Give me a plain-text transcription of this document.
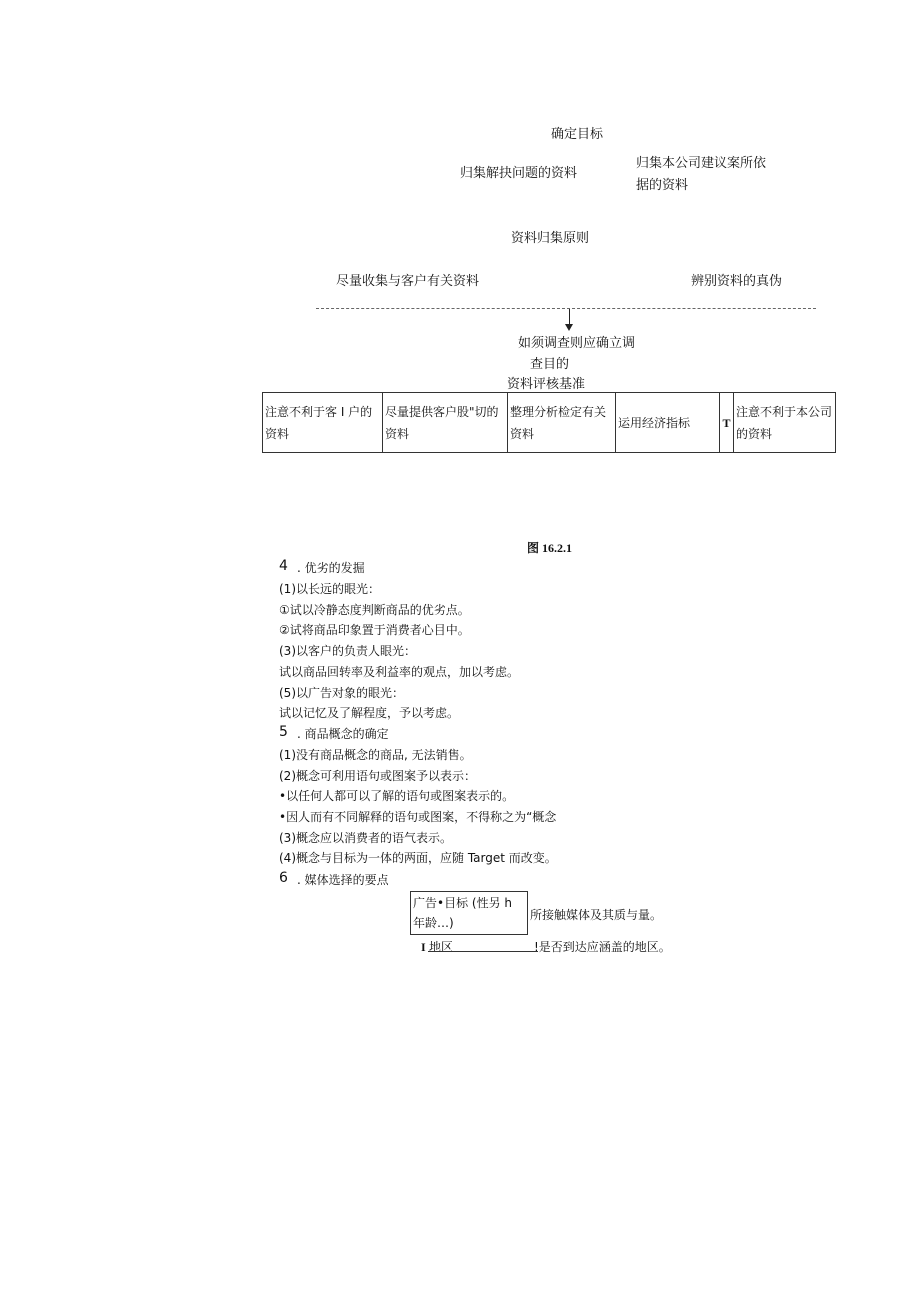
确定目标
归集解抉问题的资料
归集本公司建议案所依
据的资料
资料归集原则
尽量收集与客户有关资料	辨别资料的真伪
如须调查则应确立调
查目的
资料评核基准
注意不利于客 I 户的资料	尽量提供客户股"切的资料	整理分析检定有关资料	运用经济指标	T	注意不利于本公司的资料
图 16.2.1
4 . 优劣的发掘
(1)以长远的眼光：
①试以冷静态度判断商品的优劣点。
②试将商品印象置于消费者心目中。
(3)以客户的负责人眼光：
试以商品回转率及利益率的观点，加以考虑。
(5)以广告对象的眼光：
试以记忆及了解程度，予以考虑。
5 . 商品概念的确定
(1)没有商品概念的商品, 无法销售。
(2)概念可利用语句或图案予以表示：
•以任何人都可以了解的语句或图案表示的。
•因人而有不同解释的语句或图案，不得称之为“概念
(3)概念应以消费者的语气表示。
(4)概念与目标为一体的两面，应随 Target 而改变。
6 . 媒体选择的要点
广告•目标 (性另 h
年龄…)
所接触媒体及其质与量。
I 地区	!是否到达应涵盖的地区。
